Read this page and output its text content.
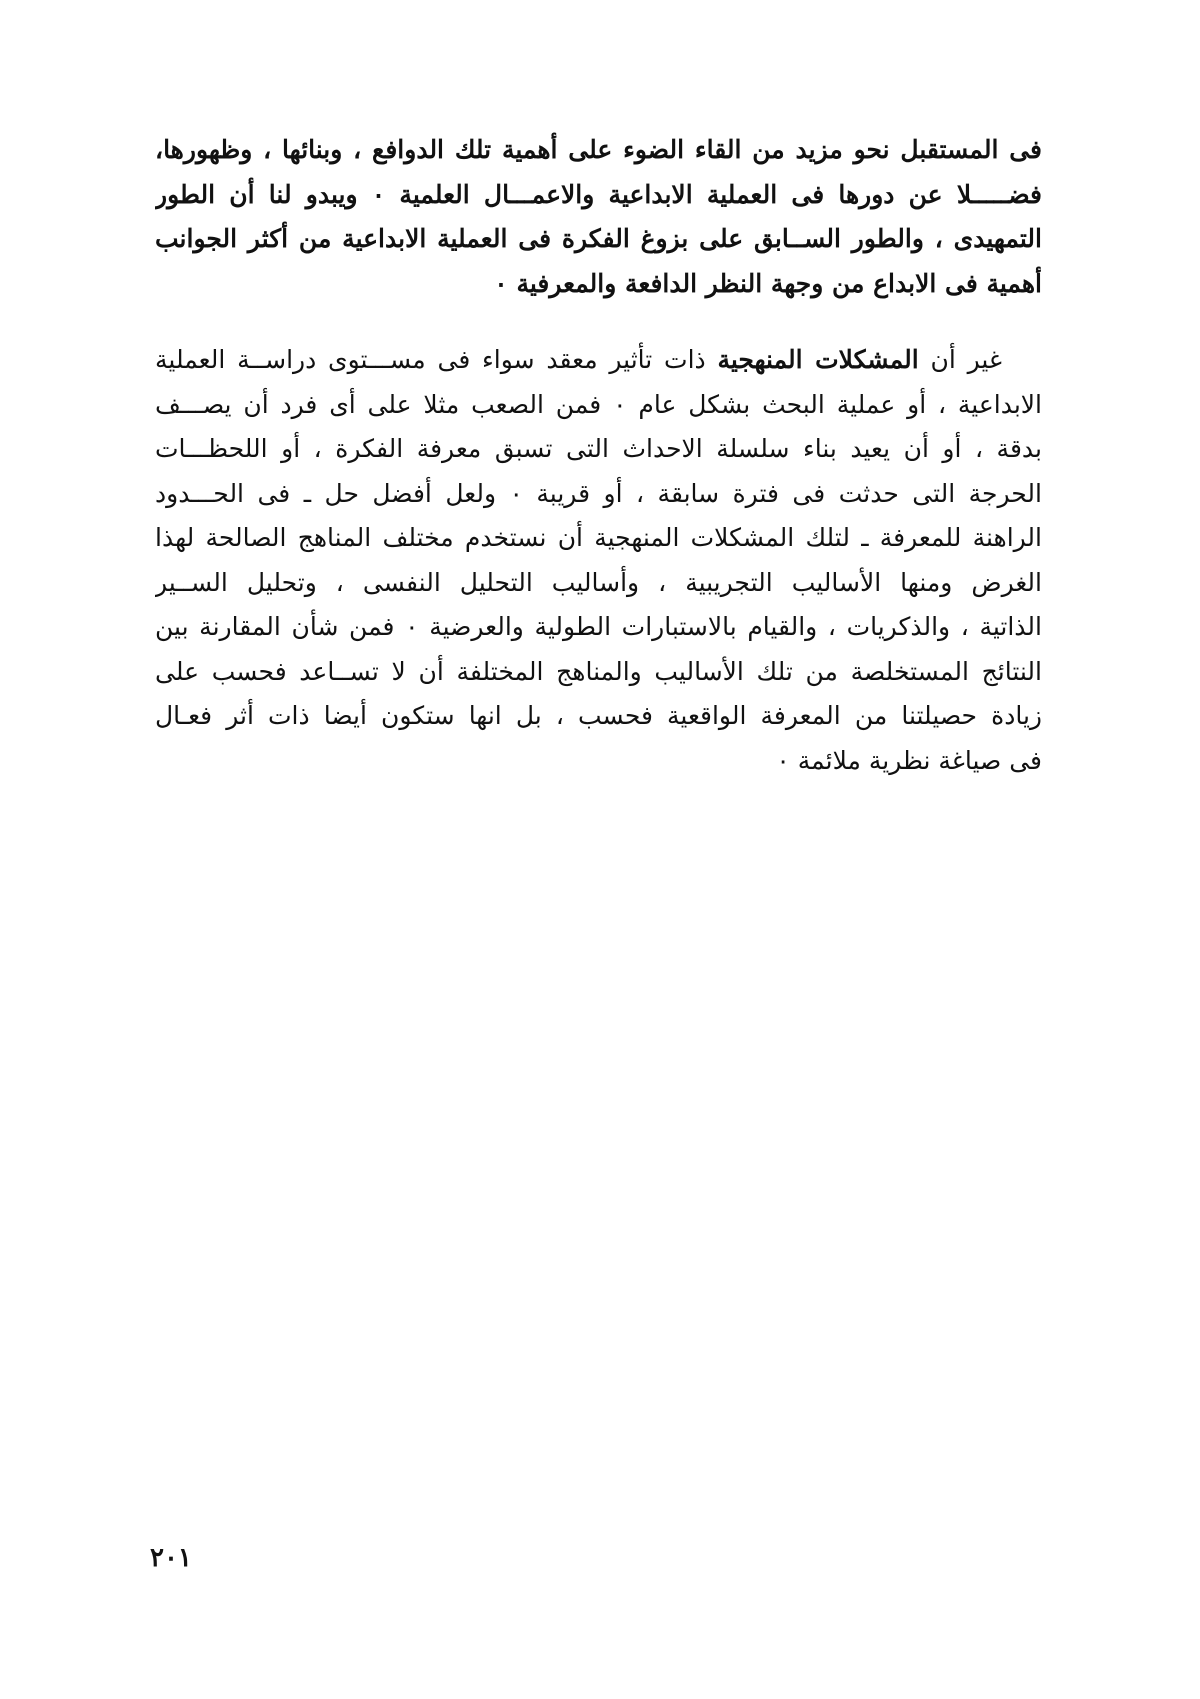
فى المستقبل نحو مزيد من القاء الضوء على أهمية تلك الدوافع ، وبنائها ، وظهورها،
فضـــــلا عن دورها فى العملية الابداعية والاعمـــال العلمية ٠ ويبدو لنا أن الطور
التمهيدى ، والطور الســابق على بزوغ الفكرة فى العملية الابداعية من أكثر الجوانب
أهمية فى الابداع من وجهة النظر الدافعة والمعرفية ٠
غير أن المشكلات المنهجية ذات تأثير معقد سواء فى مســـتوى دراســة العملية
الابداعية ، أو عملية البحث بشكل عام ٠ فمن الصعب مثلا على أى فرد أن يصـــف
بدقة ، أو أن يعيد بناء سلسلة الاحداث التى تسبق معرفة الفكرة ، أو اللحظـــات
الحرجة التى حدثت فى فترة سابقة ، أو قريبة ٠ ولعل أفضل حل ـ فى الحـــدود
الراهنة للمعرفة ـ لتلك المشكلات المنهجية أن نستخدم مختلف المناهج الصالحة لهذا
الغرض ومنها الأساليب التجريبية ، وأساليب التحليل النفسى ، وتحليل الســير
الذاتية ، والذكريات ، والقيام بالاستبارات الطولية والعرضية ٠ فمن شأن المقارنة بين
النتائج المستخلصة من تلك الأساليب والمناهج المختلفة أن لا تســاعد فحسب على
زيادة حصيلتنا من المعرفة الواقعية فحسب ، بل انها ستكون أيضا ذات أثر فعـال
فى صياغة نظرية ملائمة ٠
٢٠١
